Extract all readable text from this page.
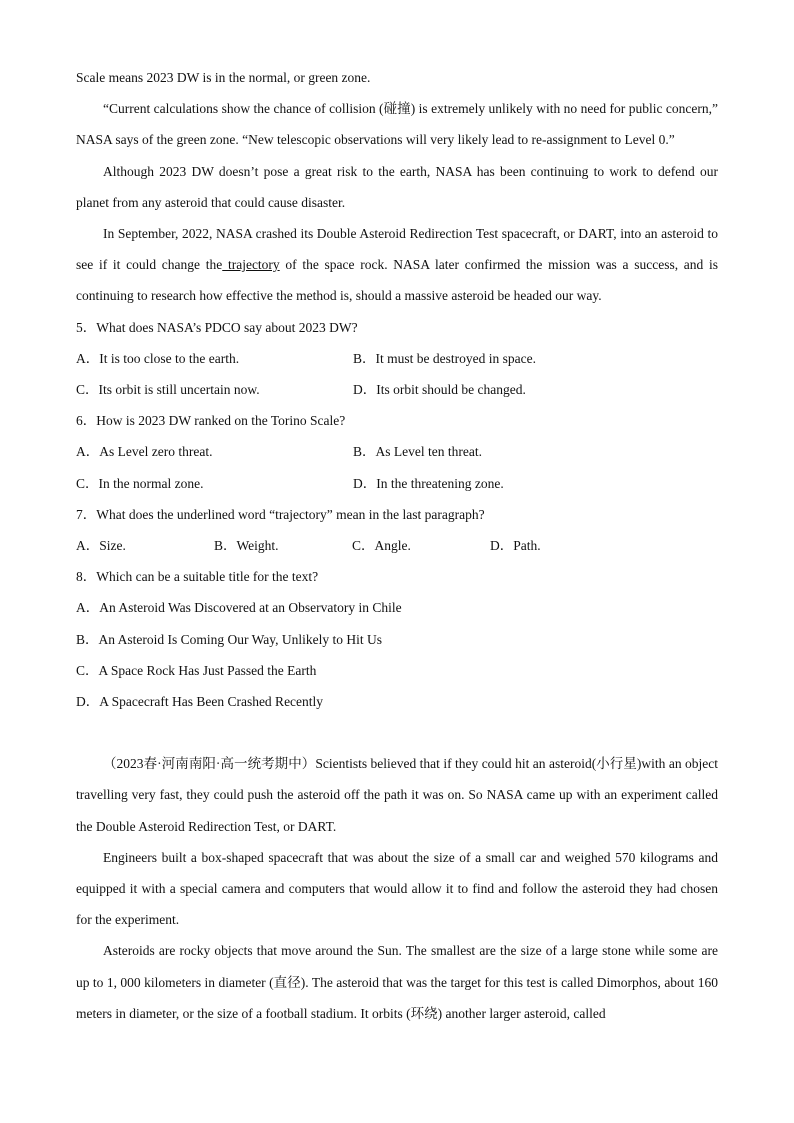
Scale means 2023 DW is in the normal, or green zone.
“Current calculations show the chance of collision (碰撞) is extremely unlikely with no need for public concern,” NASA says of the green zone. “New telescopic observations will very likely lead to re-assignment to Level 0.”
Although 2023 DW doesn’t pose a great risk to the earth, NASA has been continuing to work to defend our planet from any asteroid that could cause disaster.
In September, 2022, NASA crashed its Double Asteroid Redirection Test spacecraft, or DART, into an asteroid to see if it could change the trajectory of the space rock. NASA later confirmed the mission was a success, and is continuing to research how effective the method is, should a massive asteroid be headed our way.
5．What does NASA’s PDCO say about 2023 DW?
A．It is too close to the earth.	B．It must be destroyed in space.
C．Its orbit is still uncertain now.	D．Its orbit should be changed.
6．How is 2023 DW ranked on the Torino Scale?
A．As Level zero threat.	B．As Level ten threat.
C．In the normal zone.	D．In the threatening zone.
7．What does the underlined word “trajectory” mean in the last paragraph?
A．Size.	B．Weight.	C．Angle.	D．Path.
8．Which can be a suitable title for the text?
A．An Asteroid Was Discovered at an Observatory in Chile
B．An Asteroid Is Coming Our Way, Unlikely to Hit Us
C．A Space Rock Has Just Passed the Earth
D．A Spacecraft Has Been Crashed Recently
（2023春·河南南阳·高一统考期中）Scientists believed that if they could hit an asteroid(小行星)with an object travelling very fast, they could push the asteroid off the path it was on. So NASA came up with an experiment called the Double Asteroid Redirection Test, or DART.
Engineers built a box-shaped spacecraft that was about the size of a small car and weighed 570 kilograms and equipped it with a special camera and computers that would allow it to find and follow the asteroid they had chosen for the experiment.
Asteroids are rocky objects that move around the Sun. The smallest are the size of a large stone while some are up to 1, 000 kilometers in diameter (直径). The asteroid that was the target for this test is called Dimorphos, about 160 meters in diameter, or the size of a football stadium. It orbits (环绕) another larger asteroid, called
